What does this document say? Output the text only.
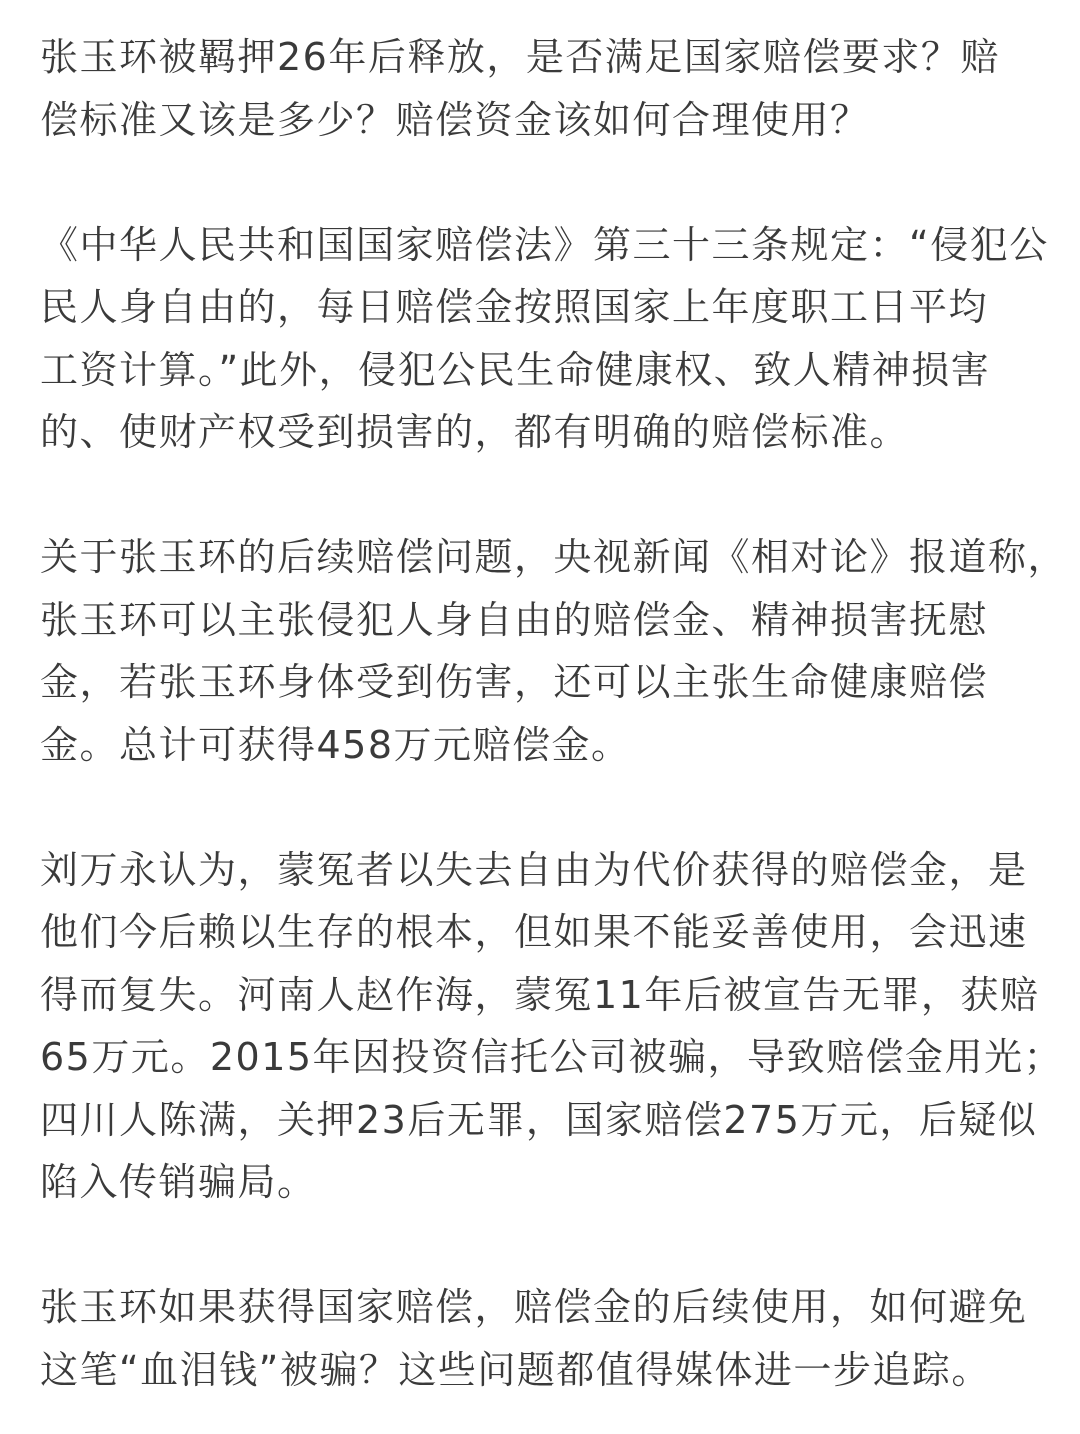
张玉环被羁押26年后释放，是否满足国家赔偿要求？赔
偿标准又该是多少？赔偿资金该如何合理使用？

《中华人民共和国国家赔偿法》第三十三条规定：“侵犯公
民人身自由的，每日赔偿金按照国家上年度职工日平均
工资计算。”此外，侵犯公民生命健康权、致人精神损害
的、使财产权受到损害的，都有明确的赔偿标准。

关于张玉环的后续赔偿问题，央视新闻《相对论》报道称，
张玉环可以主张侵犯人身自由的赔偿金、精神损害抚慰
金，若张玉环身体受到伤害，还可以主张生命健康赔偿
金。总计可获得458万元赔偿金。

刘万永认为，蒙冤者以失去自由为代价获得的赔偿金，是
他们今后赖以生存的根本，但如果不能妥善使用，会迅速
得而复失。河南人赵作海，蒙冤11年后被宣告无罪，获赔
65万元。2015年因投资信托公司被骗，导致赔偿金用光；
四川人陈满，关押23后无罪，国家赔偿275万元，后疑似
陷入传销骗局。

张玉环如果获得国家赔偿，赔偿金的后续使用，如何避免
这笔“血泪钱”被骗？这些问题都值得媒体进一步追踪。
